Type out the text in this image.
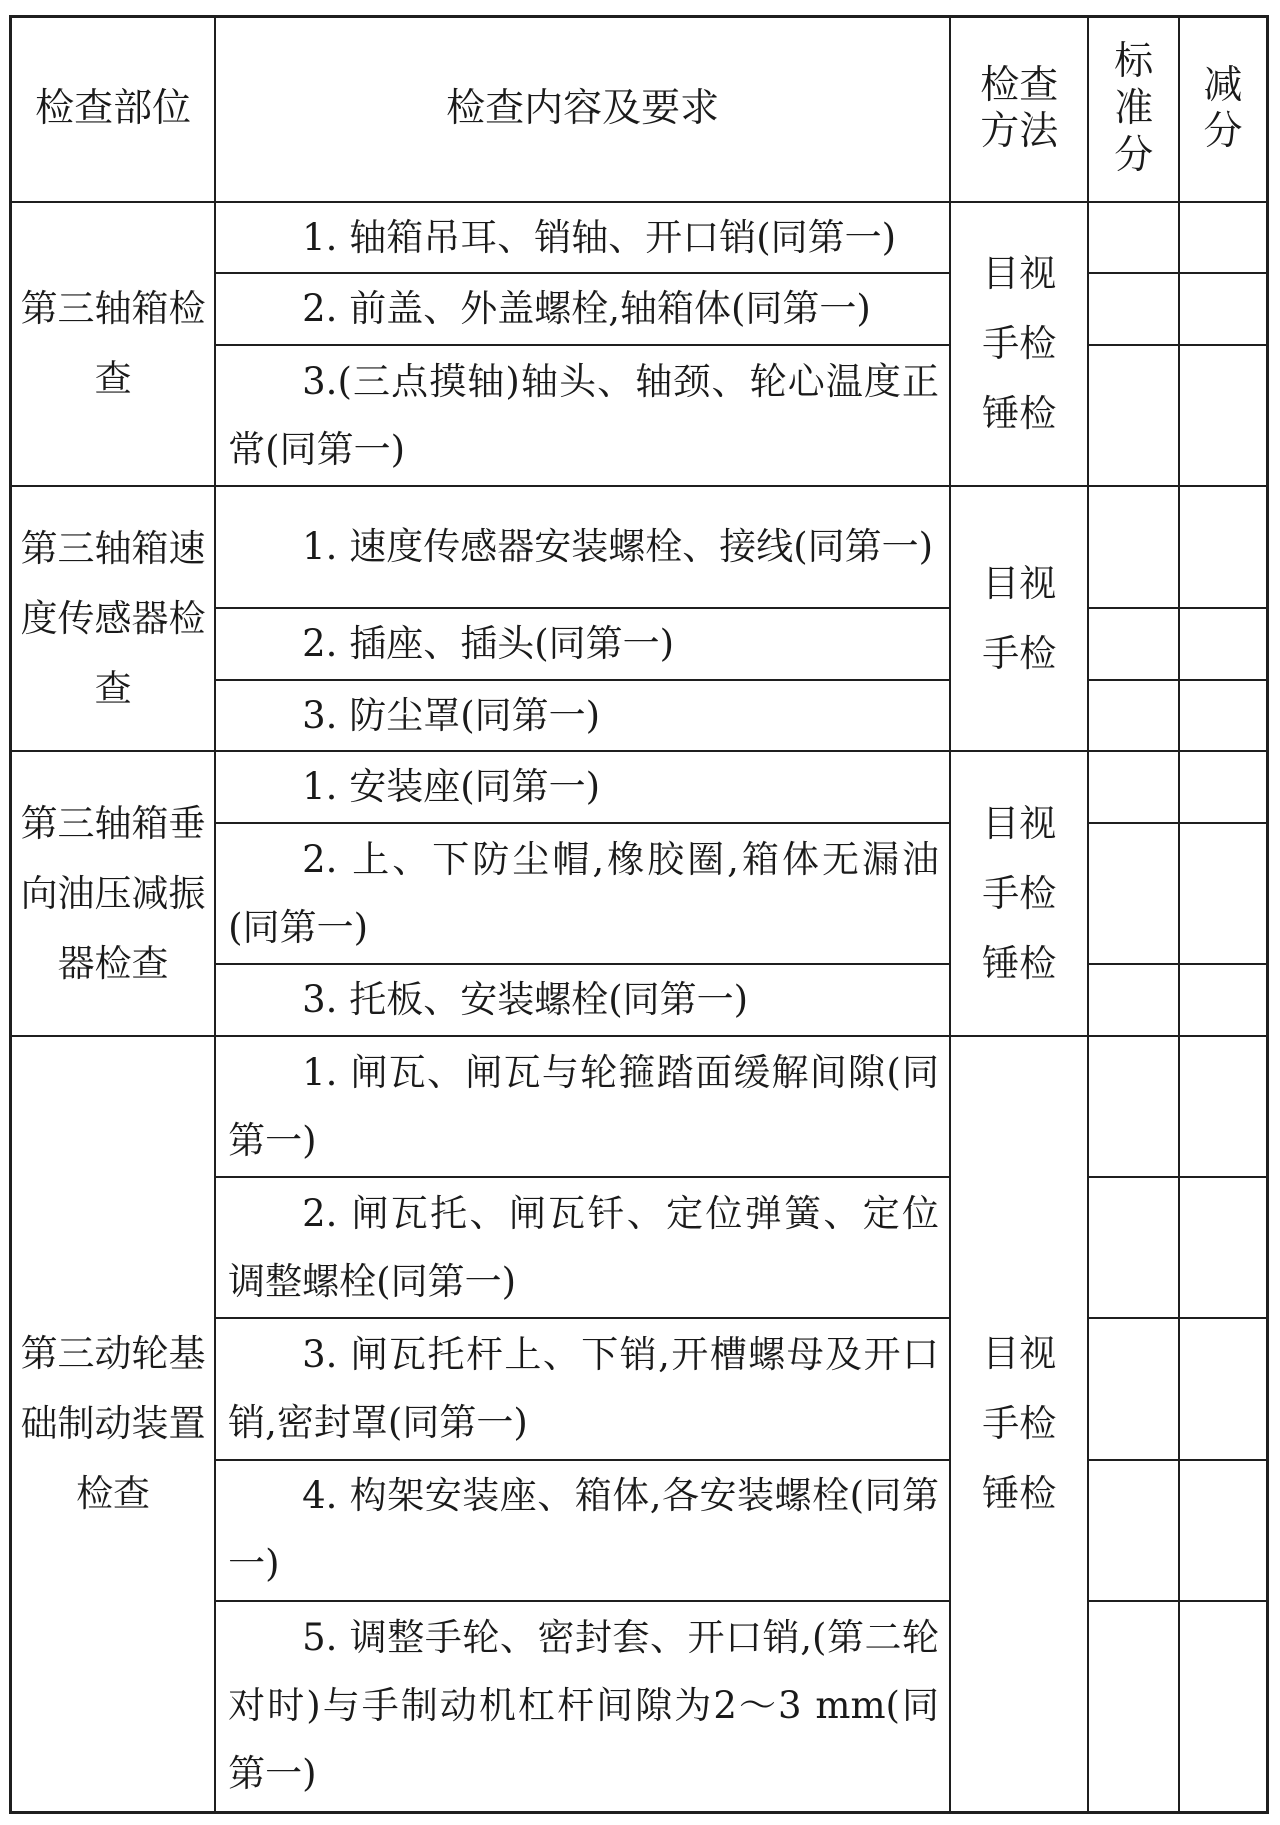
检查部位	检查内容及要求	检查方法	标准分	减分
第三轴箱检查	1. 轴箱吊耳、销轴、开口销(同第一)	目视手检锤检		
	2. 前盖、外盖螺栓,轴箱体(同第一)			
	3.(三点摸轴)轴头、轴颈、轮心温度正常(同第一)			
第三轴箱速度传感器检查	1. 速度传感器安装螺栓、接线(同第一)	目视手检		
	2. 插座、插头(同第一)			
	3. 防尘罩(同第一)			
第三轴箱垂向油压减振器检查	1. 安装座(同第一)	目视手检锤检		
	2. 上、下防尘帽,橡胶圈,箱体无漏油(同第一)			
	3. 托板、安装螺栓(同第一)			
第三动轮基础制动装置检查	1. 闸瓦、闸瓦与轮箍踏面缓解间隙(同第一)	目视手检锤检		
	2. 闸瓦托、闸瓦钎、定位弹簧、定位调整螺栓(同第一)			
	3. 闸瓦托杆上、下销,开槽螺母及开口销,密封罩(同第一)			
	4. 构架安装座、箱体,各安装螺栓(同第一)			
	5. 调整手轮、密封套、开口销,(第二轮对时)与手制动机杠杆间隙为2～3 mm(同第一)			
